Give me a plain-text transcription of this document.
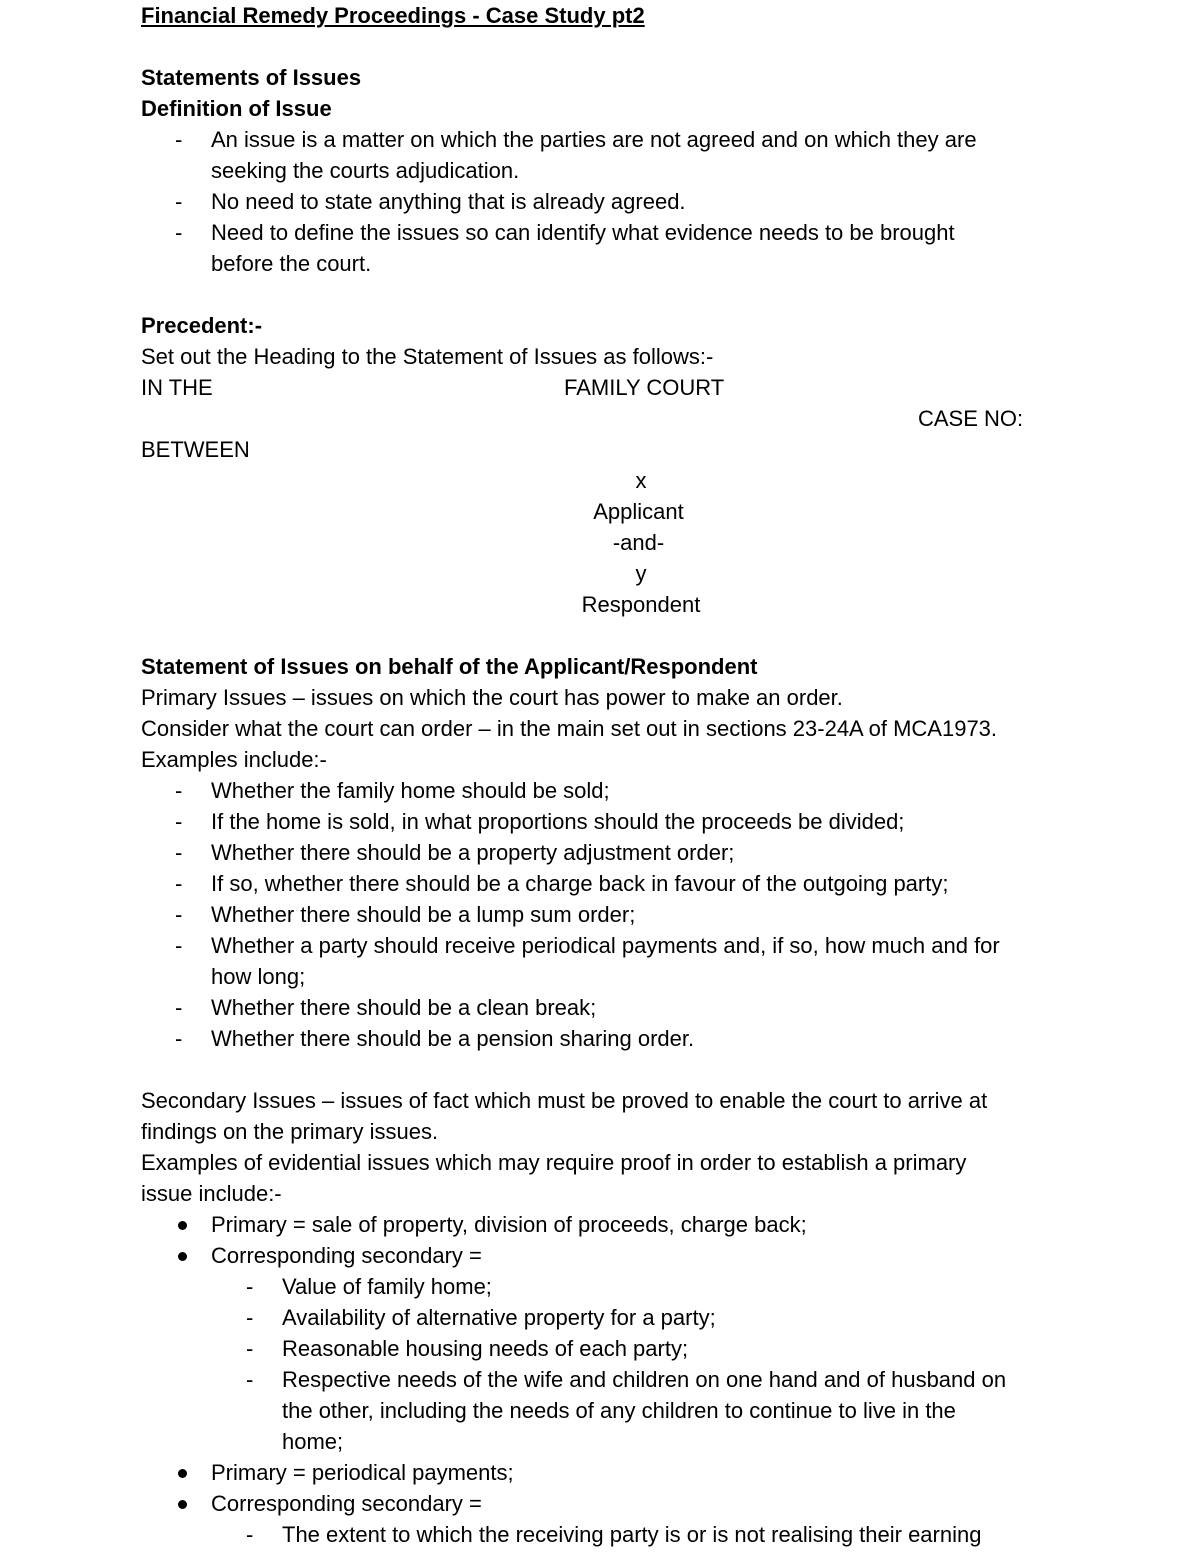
Financial Remedy Proceedings - Case Study pt2
Statements of Issues
Definition of Issue
- An issue is a matter on which the parties are not agreed and on which they are
seeking the courts adjudication.
- No need to state anything that is already agreed.
- Need to define the issues so can identify what evidence needs to be brought
before the court.
Precedent:-
Set out the Heading to the Statement of Issues as follows:-
IN THE	FAMILY COURT
CASE NO:
BETWEEN
x
Applicant
-and-
y
Respondent
Statement of Issues on behalf of the Applicant/Respondent
Primary Issues – issues on which the court has power to make an order.
Consider what the court can order – in the main set out in sections 23-24A of MCA1973.
Examples include:-
- Whether the family home should be sold;
- If the home is sold, in what proportions should the proceeds be divided;
- Whether there should be a property adjustment order;
- If so, whether there should be a charge back in favour of the outgoing party;
- Whether there should be a lump sum order;
- Whether a party should receive periodical payments and, if so, how much and for
how long;
- Whether there should be a clean break;
- Whether there should be a pension sharing order.
Secondary Issues – issues of fact which must be proved to enable the court to arrive at
findings on the primary issues.
Examples of evidential issues which may require proof in order to establish a primary
issue include:-
Primary = sale of property, division of proceeds, charge back;
Corresponding secondary =
- Value of family home;
- Availability of alternative property for a party;
- Reasonable housing needs of each party;
- Respective needs of the wife and children on one hand and of husband on
the other, including the needs of any children to continue to live in the
home;
Primary = periodical payments;
Corresponding secondary =
- The extent to which the receiving party is or is not realising their earning
